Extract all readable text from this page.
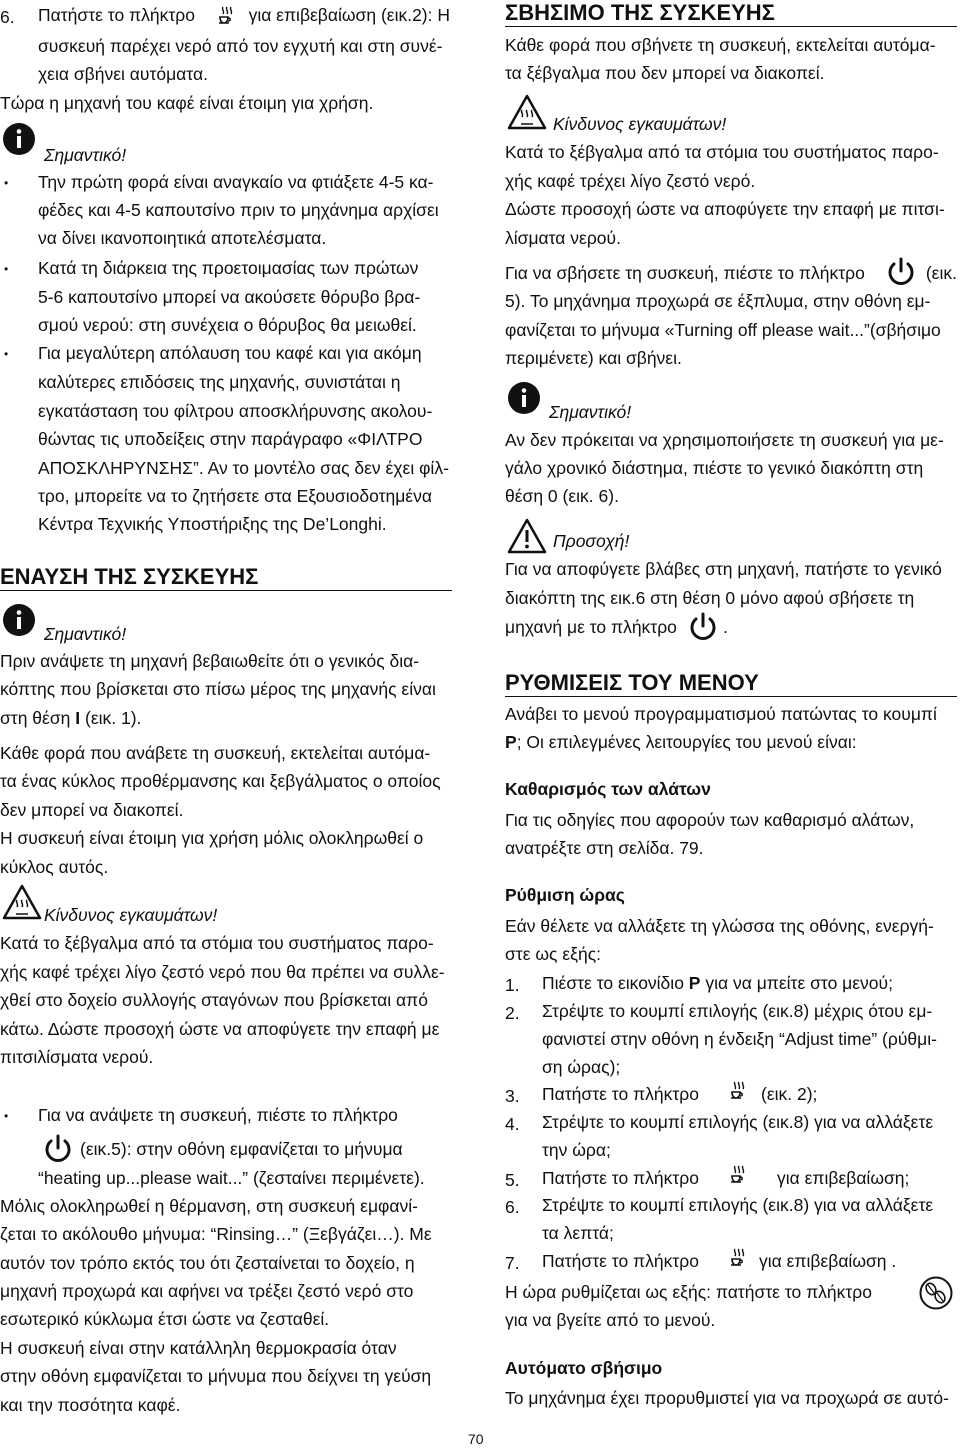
6. Πατήστε το πλήκτρο	για επιβεβαίωση (εικ.2): Η
συσκευή παρέχει νερό από τον εγχυτή και στη συνέ-
χεια σβήνει αυτόματα.
Τώρα η μηχανή του καφέ είναι έτοιμη για χρήση.
Σημαντικό!
• Την πρώτη φορά είναι αναγκαίο να φτιάξετε 4-5 κα-
φέδες και 4-5 καπουτσίνο πριν το μηχάνημα αρχίσει
να δίνει ικανοποιητικά αποτελέσματα.
• Κατά τη διάρκεια της προετοιμασίας των πρώτων
5-6 καπουτσίνο μπορεί να ακούσετε θόρυβο βρα-
σμού νερού: στη συνέχεια ο θόρυβος θα μειωθεί.
• Για μεγαλύτερη απόλαυση του καφέ και για ακόμη
καλύτερες επιδόσεις της μηχανής, συνιστάται η
εγκατάσταση του φίλτρου αποσκλήρυνσης ακολου-
θώντας τις υποδείξεις στην παράγραφο «ΦΙΛΤΡΟ
ΑΠΟΣΚΛΗΡΥΝΣΗΣ”. Αν το μοντέλο σας δεν έχει φίλ-
τρο, μπορείτε να το ζητήσετε στα Εξουσιοδοτημένα
Κέντρα Τεχνικής Υποστήριξης της De’Longhi.
ΕΝΑΥΣΗ ΤΗΣ ΣΥΣΚΕΥΗΣ
Σημαντικό!
Πριν ανάψετε τη μηχανή βεβαιωθείτε ότι ο γενικός δια-
κόπτης που βρίσκεται στο πίσω μέρος της μηχανής είναι
στη θέση I (εικ. 1).
Κάθε φορά που ανάβετε τη συσκευή, εκτελείται αυτόμα-
τα ένας κύκλος προθέρμανσης και ξεβγάλματος ο οποίος
δεν μπορεί να διακοπεί.
Η συσκευή είναι έτοιμη για χρήση μόλις ολοκληρωθεί ο
κύκλος αυτός.
Κίνδυνος εγκαυμάτων!
Κατά το ξέβγαλμα από τα στόμια του συστήματος παρο-
χής καφέ τρέχει λίγο ζεστό νερό που θα πρέπει να συλλε-
χθεί στο δοχείο συλλογής σταγόνων που βρίσκεται από
κάτω. Δώστε προσοχή ώστε να αποφύγετε την επαφή με
πιτσιλίσματα νερού.
• Για να ανάψετε τη συσκευή, πιέστε το πλήκτρο
(εικ.5): στην οθόνη εμφανίζεται το μήνυμα
“heating up...please wait...” (ζεσταίνει περιμένετε).
Μόλις ολοκληρωθεί η θέρμανση, στη συσκευή εμφανί-
ζεται το ακόλουθο μήνυμα: “Rinsing…” (Ξεβγάζει…). Με
αυτόν τον τρόπο εκτός του ότι ζεσταίνεται το δοχείο, η
μηχανή προχωρά και αφήνει να τρέξει ζεστό νερό στο
εσωτερικό κύκλωμα έτσι ώστε να ζεσταθεί.
Η συσκευή είναι στην κατάλληλη θερμοκρασία όταν
στην οθόνη εμφανίζεται το μήνυμα που δείχνει τη γεύση
και την ποσότητα καφέ.
ΣΒΗΣΙΜΟ ΤΗΣ ΣΥΣΚΕΥΗΣ
Κάθε φορά που σβήνετε τη συσκευή, εκτελείται αυτόμα-
τα ξέβγαλμα που δεν μπορεί να διακοπεί.
Κίνδυνος εγκαυμάτων!
Κατά το ξέβγαλμα από τα στόμια του συστήματος παρο-
χής καφέ τρέχει λίγο ζεστό νερό.
Δώστε προσοχή ώστε να αποφύγετε την επαφή με πιτσι-
λίσματα νερού.
Για να σβήσετε τη συσκευή, πιέστε το πλήκτρο	(εικ.
5). Το μηχάνημα προχωρά σε έξπλυμα, στην οθόνη εμ-
φανίζεται το μήνυμα «Turning off please wait...”(σβήσιμο
περιμένετε) και σβήνει.
Σημαντικό!
Αν δεν πρόκειται να χρησιμοποιήσετε τη συσκευή για με-
γάλο χρονικό διάστημα, πιέστε το γενικό διακόπτη στη
θέση 0 (εικ. 6).
Προσοχή!
Για να αποφύγετε βλάβες στη μηχανή, πατήστε το γενικό
διακόπτη της εικ.6 στη θέση 0 μόνο αφού σβήσετε τη
μηχανή με το πλήκτρο	.
ΡΥΘΜΙΣΕΙΣ ΤΟΥ ΜΕΝΟΥ
Ανάβει το μενού προγραμματισμού πατώντας το κουμπί
P; Οι επιλεγμένες λειτουργίες του μενού είναι:
Καθαρισμός των αλάτων
Για τις οδηγίες που αφορούν των καθαρισμό αλάτων,
ανατρέξτε στη σελίδα. 79.
Ρύθμιση ώρας
Εάν θέλετε να αλλάξετε τη γλώσσα της οθόνης, ενεργή-
στε ως εξής:
1. Πιέστε το εικονίδιο P για να μπείτε στο μενού;
2. Στρέψτε το κουμπί επιλογής (εικ.8) μέχρις ότου εμ-
φανιστεί στην οθόνη η ένδειξη “Adjust time” (ρύθμι-
ση ώρας);
3. Πατήστε το πλήκτρο	(εικ. 2);
4. Στρέψτε το κουμπί επιλογής (εικ.8) για να αλλάξετε
την ώρα;
5. Πατήστε το πλήκτρο	για επιβεβαίωση;
6. Στρέψτε το κουμπί επιλογής (εικ.8) για να αλλάξετε
τα λεπτά;
7. Πατήστε το πλήκτρο	για επιβεβαίωση .
Η ώρα ρυθμίζεται ως εξής: πατήστε το πλήκτρο
για να βγείτε από το μενού.
Αυτόματο σβήσιμο
Το μηχάνημα έχει προρυθμιστεί για να προχωρά σε αυτό-
70
